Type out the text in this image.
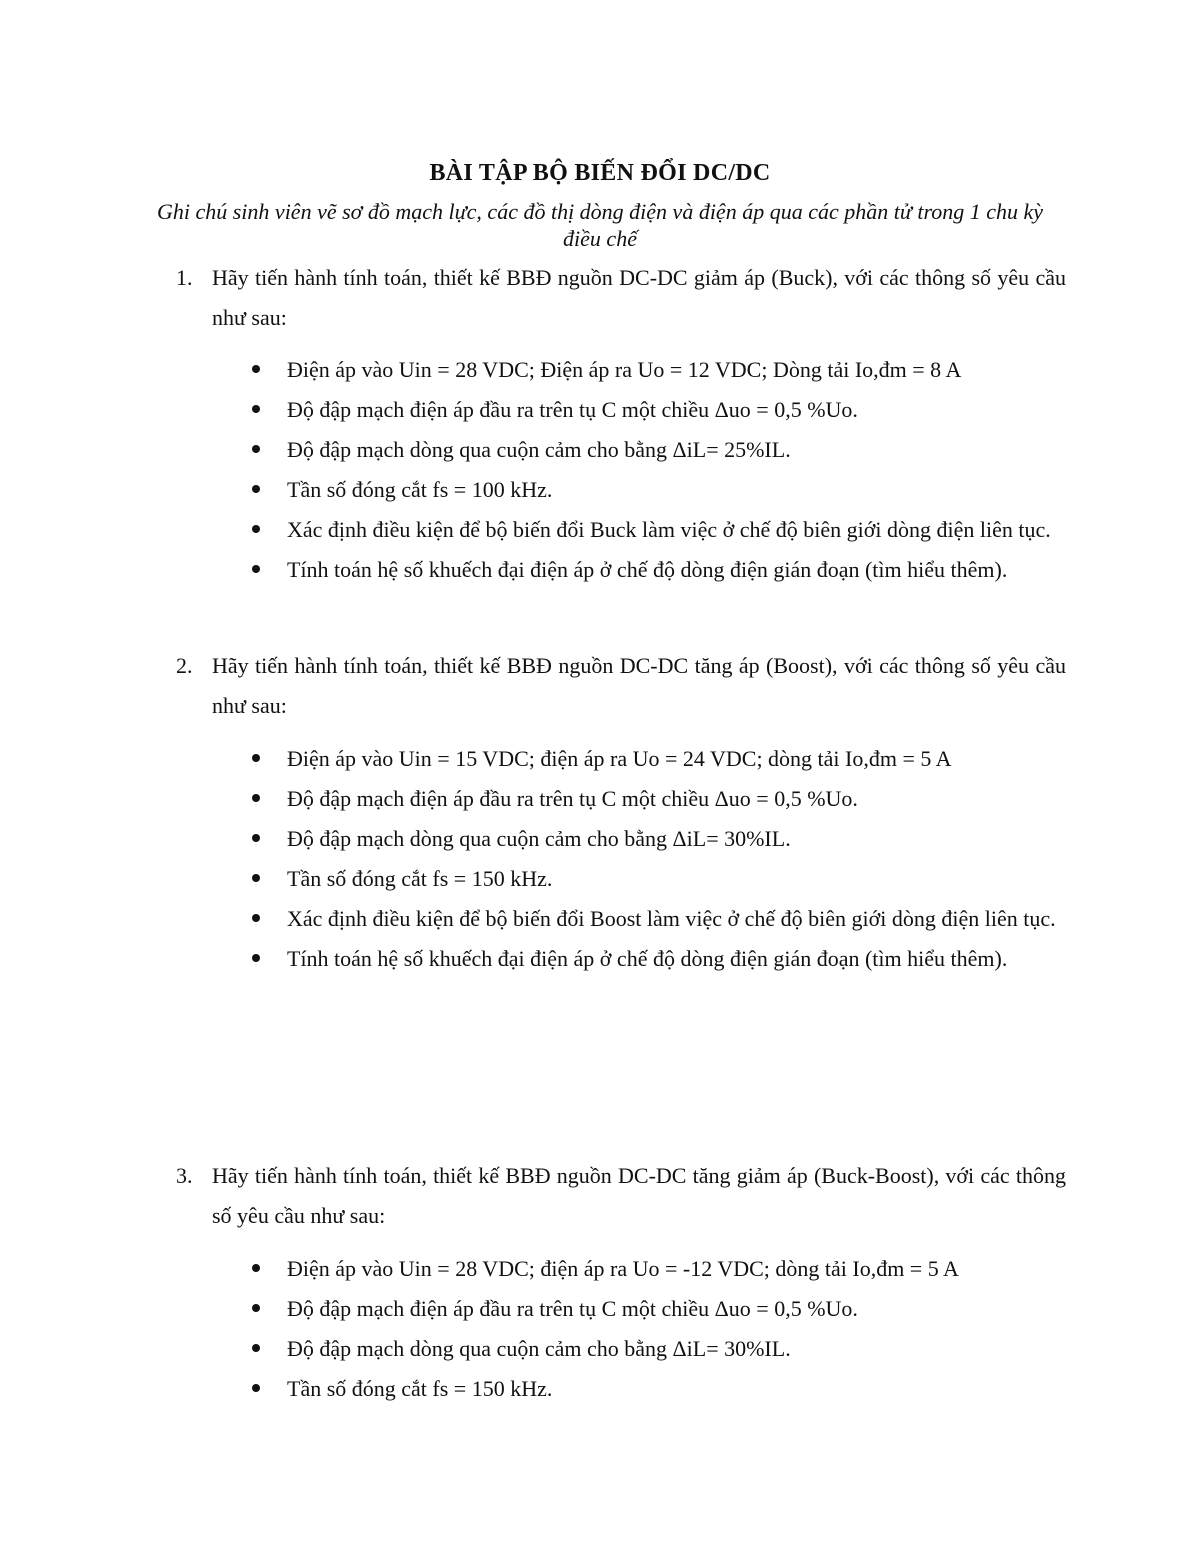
BÀI TẬP BỘ BIẾN ĐỔI DC/DC
Ghi chú sinh viên vẽ sơ đồ mạch lực, các đồ thị dòng điện và điện áp qua các phần tử trong 1 chu kỳ điều chế
1. Hãy tiến hành tính toán, thiết kế BBĐ nguồn DC-DC giảm áp (Buck), với các thông số yêu cầu như sau:
Điện áp vào Uin = 28 VDC; Điện áp ra Uo = 12 VDC; Dòng tải Io,đm = 8 A
Độ đập mạch điện áp đầu ra trên tụ C một chiều Δuo = 0,5 %Uo.
Độ đập mạch dòng qua cuộn cảm cho bằng ΔiL= 25%IL.
Tần số đóng cắt fs = 100 kHz.
Xác định điều kiện để bộ biến đổi Buck làm việc ở chế độ biên giới dòng điện liên tục.
Tính toán hệ số khuếch đại điện áp ở chế độ dòng điện gián đoạn (tìm hiểu thêm).
2. Hãy tiến hành tính toán, thiết kế BBĐ nguồn DC-DC tăng áp (Boost), với các thông số yêu cầu như sau:
Điện áp vào Uin = 15 VDC; điện áp ra Uo = 24 VDC; dòng tải Io,đm = 5 A
Độ đập mạch điện áp đầu ra trên tụ C một chiều Δuo = 0,5 %Uo.
Độ đập mạch dòng qua cuộn cảm cho bằng ΔiL= 30%IL.
Tần số đóng cắt fs = 150 kHz.
Xác định điều kiện để bộ biến đổi Boost làm việc ở chế độ biên giới dòng điện liên tục.
Tính toán hệ số khuếch đại điện áp ở chế độ dòng điện gián đoạn (tìm hiểu thêm).
3. Hãy tiến hành tính toán, thiết kế BBĐ nguồn DC-DC tăng giảm áp (Buck-Boost), với các thông số yêu cầu như sau:
Điện áp vào Uin = 28 VDC; điện áp ra Uo = -12 VDC; dòng tải Io,đm = 5 A
Độ đập mạch điện áp đầu ra trên tụ C một chiều Δuo = 0,5 %Uo.
Độ đập mạch dòng qua cuộn cảm cho bằng ΔiL= 30%IL.
Tần số đóng cắt fs = 150 kHz.
